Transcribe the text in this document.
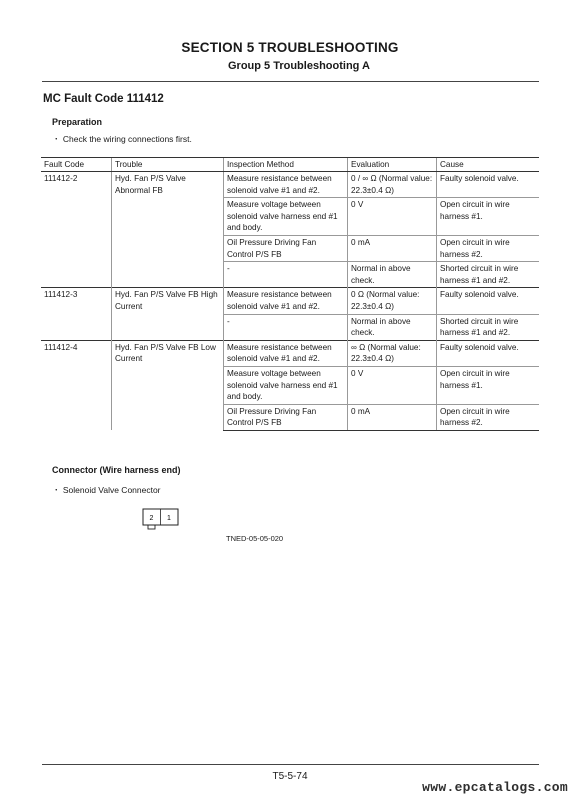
SECTION 5 TROUBLESHOOTING
Group 5 Troubleshooting A
MC Fault Code 111412
Preparation
・ Check the wiring connections first.
Fault Code	Trouble	Inspection Method	Evaluation	Cause
111412-2	Hyd. Fan P/S Valve Abnormal FB	Measure resistance between solenoid valve #1 and #2.	0 / ∞ Ω (Normal value: 22.3±0.4 Ω)	Faulty solenoid valve.
		Measure voltage between solenoid valve harness end #1 and body.	0 V	Open circuit in wire harness #1.
		Oil Pressure Driving Fan Control P/S FB	0 mA	Open circuit in wire harness #2.
		-	Normal in above check.	Shorted circuit in wire harness #1 and #2.
111412-3	Hyd. Fan P/S Valve FB High Current	Measure resistance between solenoid valve #1 and #2.	0 Ω (Normal value: 22.3±0.4 Ω)	Faulty solenoid valve.
		-	Normal in above check.	Shorted circuit in wire harness #1 and #2.
111412-4	Hyd. Fan P/S Valve FB Low Current	Measure resistance between solenoid valve #1 and #2.	∞ Ω (Normal value: 22.3±0.4 Ω)	Faulty solenoid valve.
		Measure voltage between solenoid valve harness end #1 and body.	0 V	Open circuit in wire harness #1.
		Oil Pressure Driving Fan Control P/S FB	0 mA	Open circuit in wire harness #2.
Connector (Wire harness end)
・ Solenoid Valve Connector
2 1
TNED-05-05-020
T5-5-74
www.epcatalogs.com
